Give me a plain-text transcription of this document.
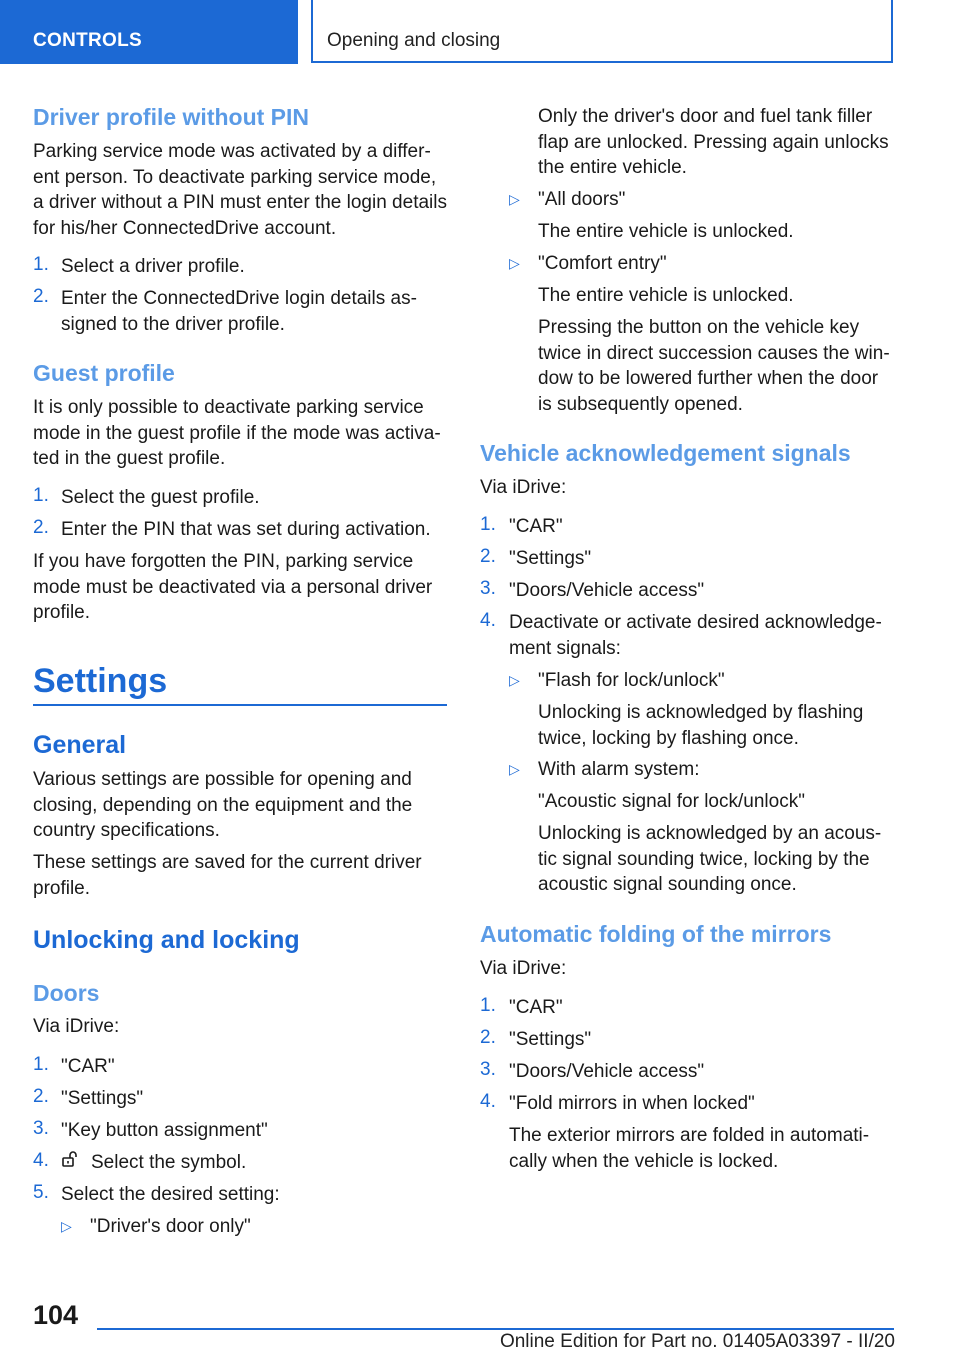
CONTROLS	Opening and closing
Driver profile without PIN

Parking service mode was activated by a differ-

ent person. To deactivate parking service mode,

a driver without a PIN must enter the login details

for his/her ConnectedDrive account.

1. Select a driver profile.

2. Enter the ConnectedDrive login details as-

signed to the driver profile.

Guest profile

It is only possible to deactivate parking service

mode in the guest profile if the mode was activa-

ted in the guest profile.

1. Select the guest profile.

2. Enter the PIN that was set during activation.

If you have forgotten the PIN, parking service

mode must be deactivated via a personal driver

profile.

Settings
General

Various settings are possible for opening and

closing, depending on the equipment and the

country specifications.

These settings are saved for the current driver

profile.

Unlocking and locking
Doors

Via iDrive:

1. "CAR"

2. "Settings"

3. "Key button assignment"

4. Select the symbol.

5. Select the desired setting:

▷ "Driver's door only"

Only the driver's door and fuel tank filler

flap are unlocked. Pressing again unlocks

the entire vehicle.

▷ "All doors"

The entire vehicle is unlocked.

▷ "Comfort entry"

The entire vehicle is unlocked.

Pressing the button on the vehicle key

twice in direct succession causes the win-

dow to be lowered further when the door

is subsequently opened.

Vehicle acknowledgement signals

Via iDrive:

1. "CAR"

2. "Settings"

3. "Doors/Vehicle access"

4. Deactivate or activate desired acknowledge-

ment signals:

▷ "Flash for lock/unlock"

Unlocking is acknowledged by flashing

twice, locking by flashing once.

▷ With alarm system:

"Acoustic signal for lock/unlock"

Unlocking is acknowledged by an acous-

tic signal sounding twice, locking by the

acoustic signal sounding once.

Automatic folding of the mirrors

Via iDrive:

1. "CAR"

2. "Settings"

3. "Doors/Vehicle access"

4. "Fold mirrors in when locked"

The exterior mirrors are folded in automati-

cally when the vehicle is locked.

104
Online Edition for Part no. 01405A03397 - II/20
